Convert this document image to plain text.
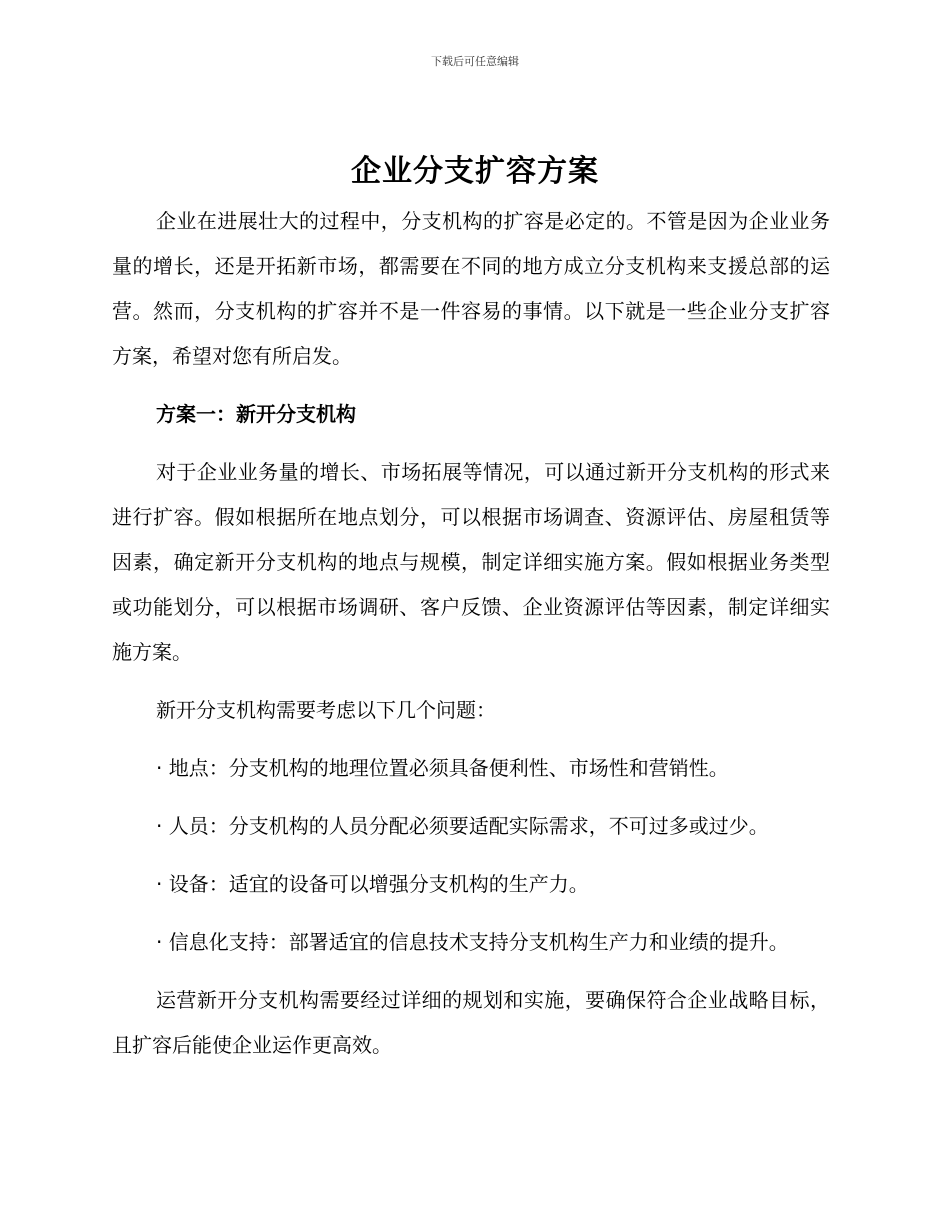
下载后可任意编辑
企业分支扩容方案

企业在进展壮大的过程中，分支机构的扩容是必定的。不管是因为企业业务量的增长，还是开拓新市场，都需要在不同的地方成立分支机构来支援总部的运营。然而，分支机构的扩容并不是一件容易的事情。以下就是一些企业分支扩容方案，希望对您有所启发。

方案一：新开分支机构

对于企业业务量的增长、市场拓展等情况，可以通过新开分支机构的形式来进行扩容。假如根据所在地点划分，可以根据市场调查、资源评估、房屋租赁等因素，确定新开分支机构的地点与规模，制定详细实施方案。假如根据业务类型或功能划分，可以根据市场调研、客户反馈、企业资源评估等因素，制定详细实施方案。

新开分支机构需要考虑以下几个问题：

· 地点：分支机构的地理位置必须具备便利性、市场性和营销性。

· 人员：分支机构的人员分配必须要适配实际需求，不可过多或过少。

· 设备：适宜的设备可以增强分支机构的生产力。

· 信息化支持：部署适宜的信息技术支持分支机构生产力和业绩的提升。

运营新开分支机构需要经过详细的规划和实施，要确保符合企业战略目标，且扩容后能使企业运作更高效。
